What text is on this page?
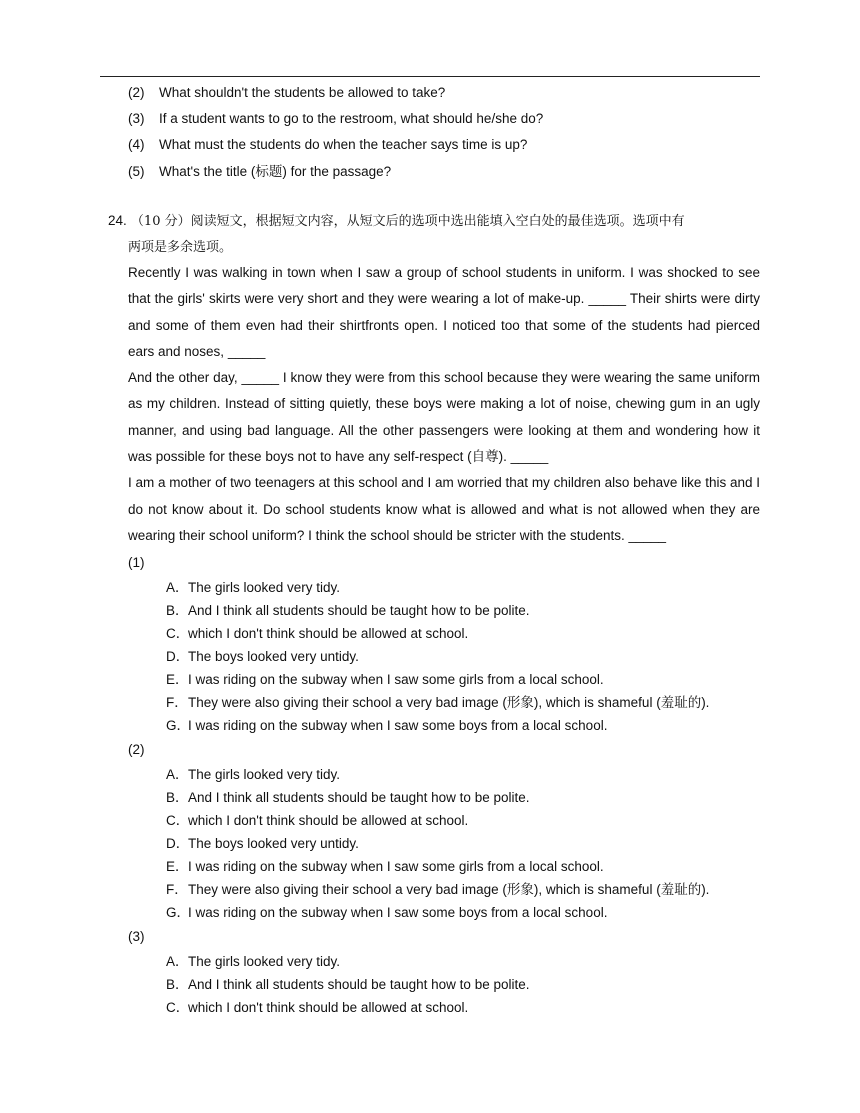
(2) What shouldn't the students be allowed to take?
(3) If a student wants to go to the restroom, what should he/she do?
(4) What must the students do when the teacher says time is up?
(5) What's the title (标题) for the passage?
24. （10 分）阅读短文，根据短文内容，从短文后的选项中选出能填入空白处的最佳选项。选项中有
两项是多余选项。

Recently I was walking in town when I saw a group of school students in uniform. I was shocked to see that the girls' skirts were very short and they were wearing a lot of make-up. _____ Their shirts were dirty and some of them even had their shirtfronts open. I noticed too that some of the students had pierced ears and noses, _____

And the other day, _____ I know they were from this school because they were wearing the same uniform as my children. Instead of sitting quietly, these boys were making a lot of noise, chewing gum in an ugly manner, and using bad language. All the other passengers were looking at them and wondering how it was possible for these boys not to have any self-respect (自尊). _____

I am a mother of two teenagers at this school and I am worried that my children also behave like this and I do not know about it. Do school students know what is allowed and what is not allowed when they are wearing their school uniform? I think the school should be stricter with the students. _____

(1)
A．The girls looked very tidy.
B．And I think all students should be taught how to be polite.
C．which I don't think should be allowed at school.
D．The boys looked very untidy.
E．I was riding on the subway when I saw some girls from a local school.
F．They were also giving their school a very bad image (形象), which is shameful (羞耻的).
G．I was riding on the subway when I saw some boys from a local school.
(2)
A．The girls looked very tidy.
B．And I think all students should be taught how to be polite.
C．which I don't think should be allowed at school.
D．The boys looked very untidy.
E．I was riding on the subway when I saw some girls from a local school.
F．They were also giving their school a very bad image (形象), which is shameful (羞耻的).
G．I was riding on the subway when I saw some boys from a local school.
(3)
A．The girls looked very tidy.
B．And I think all students should be taught how to be polite.
C．which I don't think should be allowed at school.
